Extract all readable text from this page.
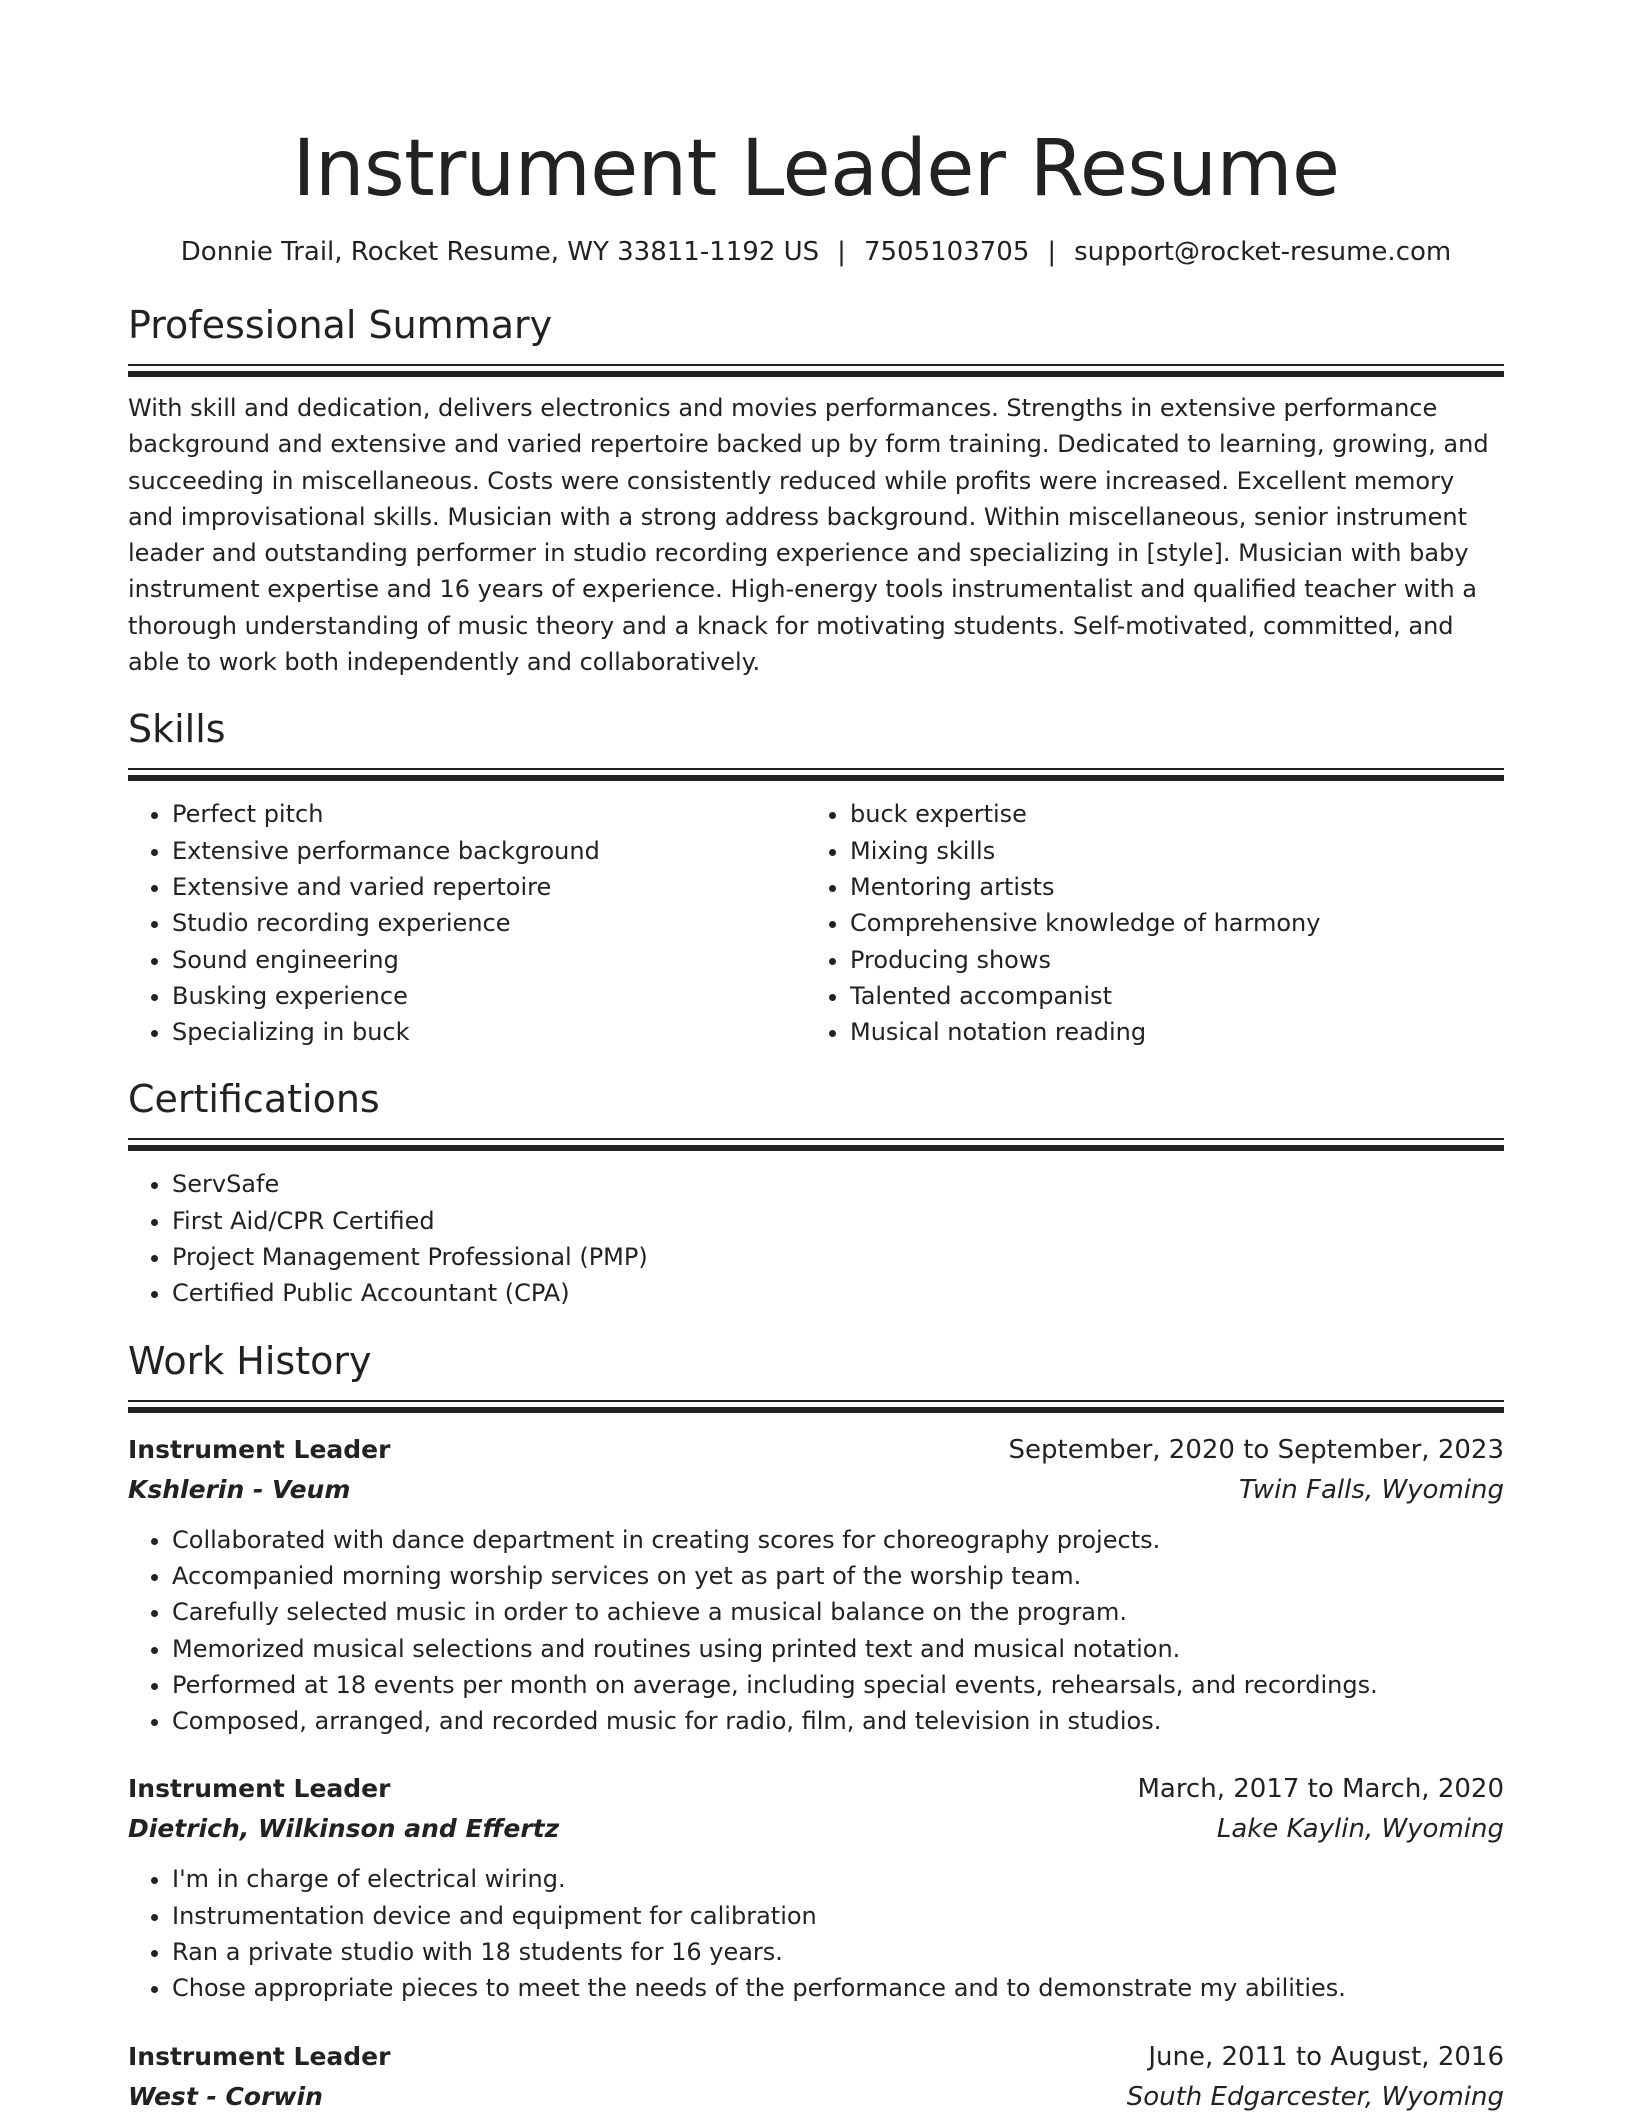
Instrument Leader Resume
Donnie Trail, Rocket Resume, WY 33811-1192 US | 7505103705 | support@rocket-resume.com
Professional Summary

With skill and dedication, delivers electronics and movies performances. Strengths in extensive performance background and extensive and varied repertoire backed up by form training. Dedicated to learning, growing, and succeeding in miscellaneous. Costs were consistently reduced while profits were increased. Excellent memory and improvisational skills. Musician with a strong address background. Within miscellaneous, senior instrument leader and outstanding performer in studio recording experience and specializing in [style]. Musician with baby instrument expertise and 16 years of experience. High-energy tools instrumentalist and qualified teacher with a thorough understanding of music theory and a knack for motivating students. Self-motivated, committed, and able to work both independently and collaboratively.

Skills
• Perfect pitch
• Extensive performance background
• Extensive and varied repertoire
• Studio recording experience
• Sound engineering
• Busking experience
• Specializing in buck
• buck expertise
• Mixing skills
• Mentoring artists
• Comprehensive knowledge of harmony
• Producing shows
• Talented accompanist
• Musical notation reading
Certifications
• ServSafe
• First Aid/CPR Certified
• Project Management Professional (PMP)
• Certified Public Accountant (CPA)
Work History
Instrument Leader	September, 2020 to September, 2023
Kshlerin - Veum	Twin Falls, Wyoming
• Collaborated with dance department in creating scores for choreography projects.
• Accompanied morning worship services on yet as part of the worship team.
• Carefully selected music in order to achieve a musical balance on the program.
• Memorized musical selections and routines using printed text and musical notation.
• Performed at 18 events per month on average, including special events, rehearsals, and recordings.
• Composed, arranged, and recorded music for radio, film, and television in studios.
Instrument Leader	March, 2017 to March, 2020
Dietrich, Wilkinson and Effertz	Lake Kaylin, Wyoming
• I'm in charge of electrical wiring.
• Instrumentation device and equipment for calibration
• Ran a private studio with 18 students for 16 years.
• Chose appropriate pieces to meet the needs of the performance and to demonstrate my abilities.
Instrument Leader	June, 2011 to August, 2016
West - Corwin	South Edgarcester, Wyoming
